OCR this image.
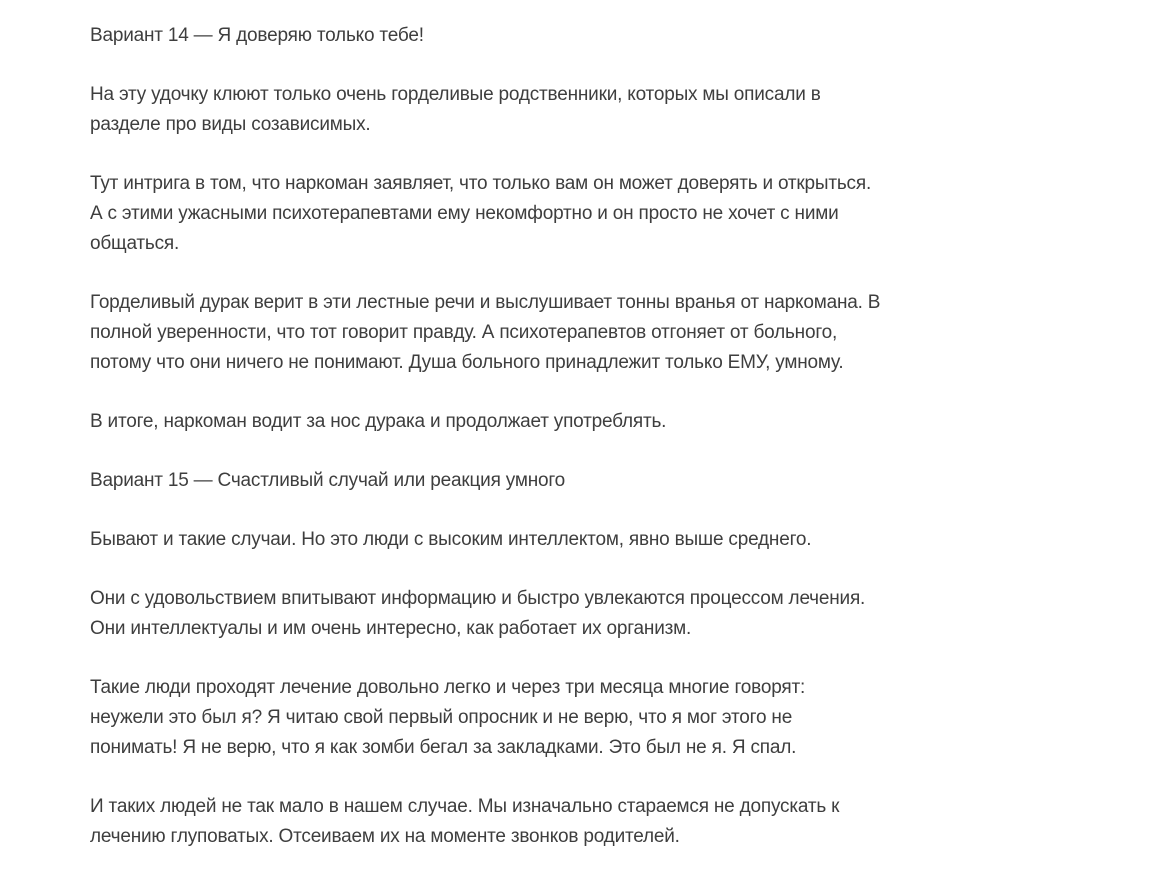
Вариант 14 — Я доверяю только тебе!

На эту удочку клюют только очень горделивые родственники, которых мы описали в
разделе про виды созависимых.

Тут интрига в том, что наркоман заявляет, что только вам он может доверять и открыться.
А с этими ужасными психотерапевтами ему некомфортно и он просто не хочет с ними
общаться.

Горделивый дурак верит в эти лестные речи и выслушивает тонны вранья от наркомана. В
полной уверенности, что тот говорит правду. А психотерапевтов отгоняет от больного,
потому что они ничего не понимают. Душа больного принадлежит только ЕМУ, умному.

В итоге, наркоман водит за нос дурака и продолжает употреблять.

Вариант 15 — Счастливый случай или реакция умного

Бывают и такие случаи. Но это люди с высоким интеллектом, явно выше среднего.

Они с удовольствием впитывают информацию и быстро увлекаются процессом лечения.
Они интеллектуалы и им очень интересно, как работает их организм.

Такие люди проходят лечение довольно легко и через три месяца многие говорят:
неужели это был я? Я читаю свой первый опросник и не верю, что я мог этого не
понимать! Я не верю, что я как зомби бегал за закладками. Это был не я. Я спал.

И таких людей не так мало в нашем случае. Мы изначально стараемся не допускать к
лечению глуповатых. Отсеиваем их на моменте звонков родителей.
